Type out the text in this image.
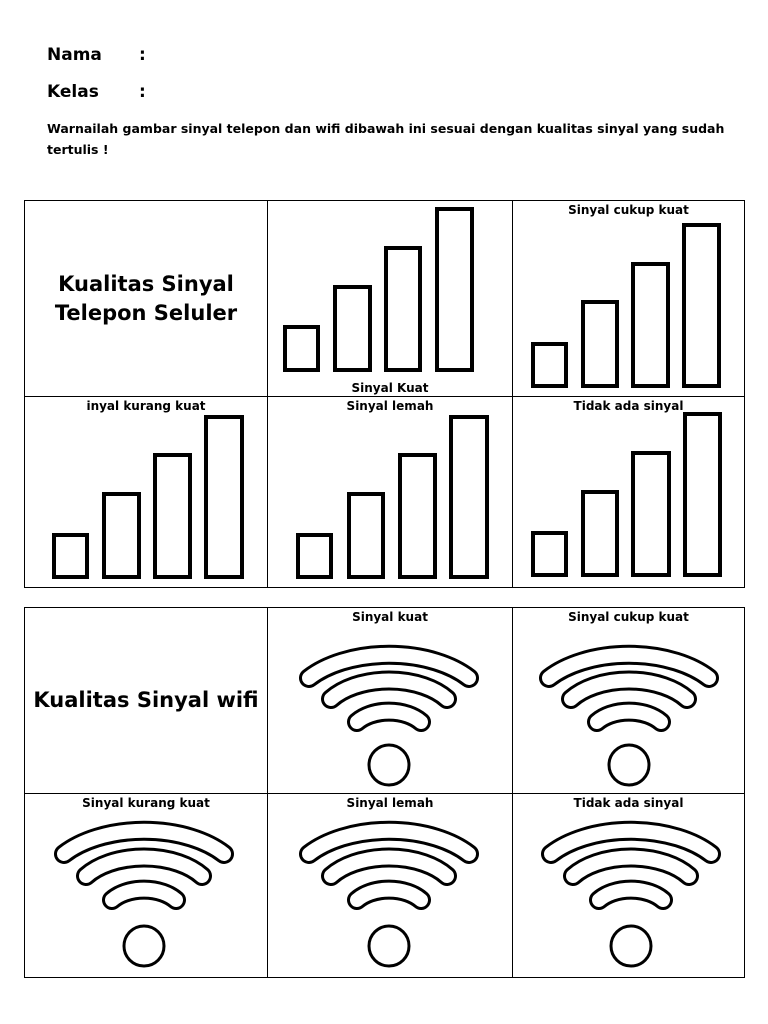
Nama :
Kelas :
Warnailah gambar sinyal telepon dan wifi dibawah ini sesuai dengan kualitas sinyal yang sudah tertulis !
Kualitas Sinyal
Telepon Seluler	Sinyal Kuat	Sinyal cukup kuat

inyal kurang kuat	Sinyal lemah	Tidak ada sinyal
Kualitas Sinyal wifi	Sinyal kuat	Sinyal cukup kuat

Sinyal kurang kuat	Sinyal lemah	Tidak ada sinyal
